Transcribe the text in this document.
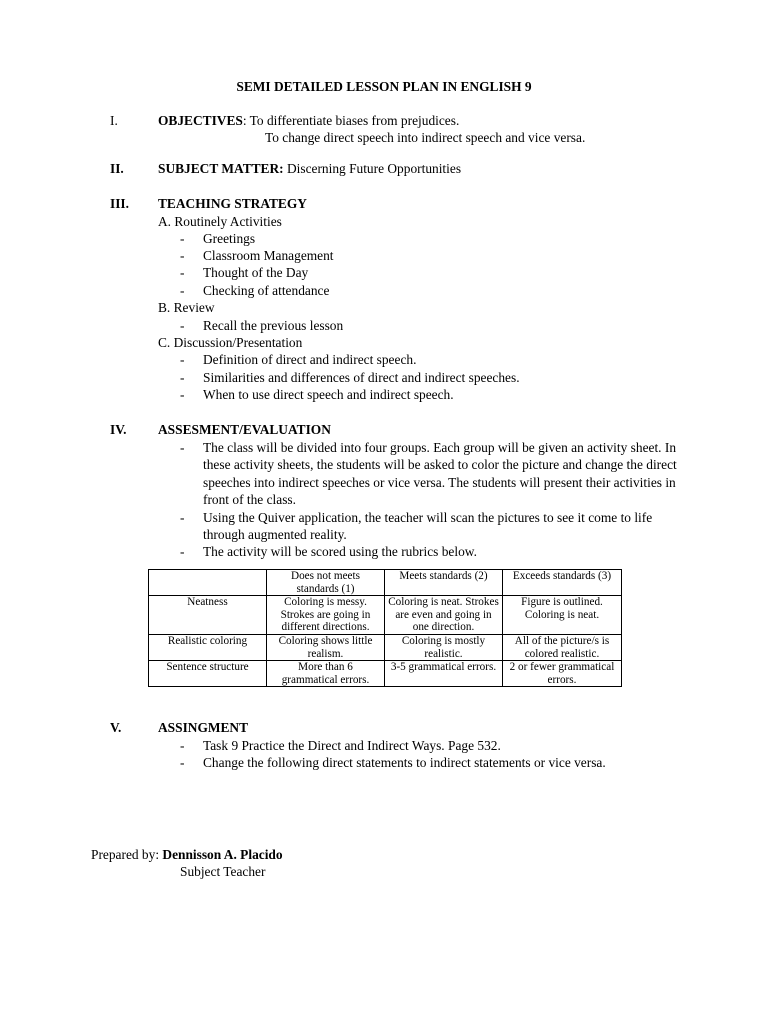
SEMI DETAILED LESSON PLAN IN ENGLISH 9
I.	OBJECTIVES: To differentiate biases from prejudices.
To change direct speech into indirect speech and vice versa.
II.	SUBJECT MATTER: Discerning Future Opportunities
III. TEACHING STRATEGY
A. Routinely Activities
- Greetings
- Classroom Management
- Thought of the Day
- Checking of attendance
B. Review
- Recall the previous lesson
C. Discussion/Presentation
- Definition of direct and indirect speech.
- Similarities and differences of direct and indirect speeches.
- When to use direct speech and indirect speech.
IV. ASSESMENT/EVALUATION
- The class will be divided into four groups. Each group will be given an activity sheet. In these activity sheets, the students will be asked to color the picture and change the direct speeches into indirect speeches or vice versa. The students will present their activities in front of the class.
- Using the Quiver application, the teacher will scan the pictures to see it come to life through augmented reality.
- The activity will be scored using the rubrics below.
	Does not meets standards (1)	Meets standards (2)	Exceeds standards (3)
Neatness	Coloring is messy. Strokes are going in different directions.	Coloring is neat. Strokes are even and going in one direction.	Figure is outlined. Coloring is neat.
Realistic coloring	Coloring shows little realism.	Coloring is mostly realistic.	All of the picture/s is colored realistic.
Sentence structure	More than 6 grammatical errors.	3-5 grammatical errors.	2 or fewer grammatical errors.
V.	ASSINGMENT
- Task 9 Practice the Direct and Indirect Ways. Page 532.
- Change the following direct statements to indirect statements or vice versa.
Prepared by: Dennisson A. Placido
Subject Teacher
